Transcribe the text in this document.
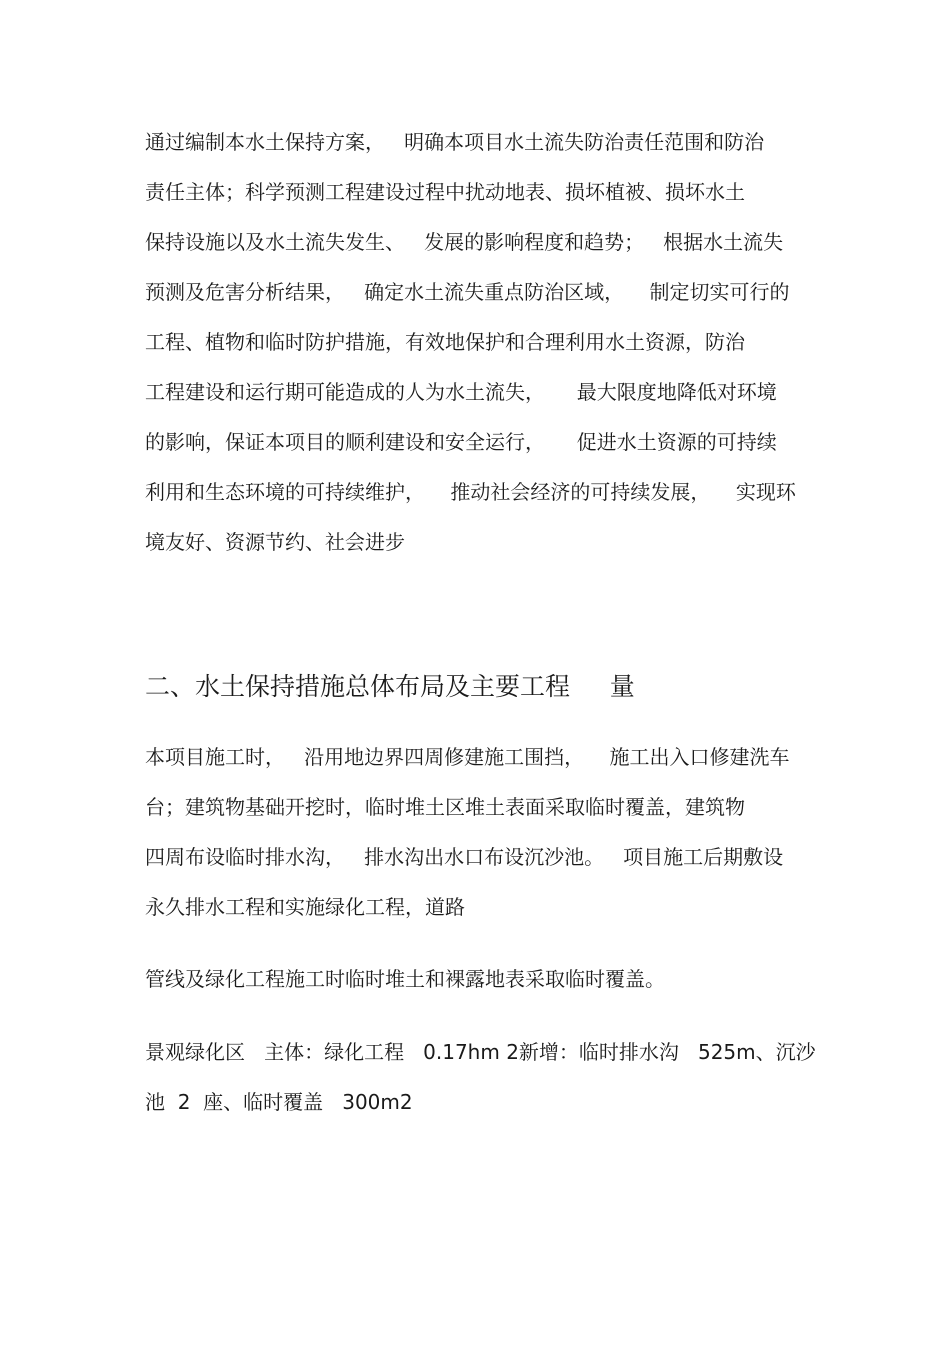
通过编制本水土保持方案，   明确本项目水土流失防治责任范围和防治

责任主体；科学预测工程建设过程中扰动地表、损坏植被、损坏水土

保持设施以及水土流失发生、   发展的影响程度和趋势；   根据水土流失

预测及危害分析结果，   确定水土流失重点防治区域，    制定切实可行的

工程、植物和临时防护措施，有效地保护和合理利用水土资源，防治

工程建设和运行期可能造成的人为水土流失，     最大限度地降低对环境

的影响，保证本项目的顺利建设和安全运行，     促进水土资源的可持续

利用和生态环境的可持续维护，    推动社会经济的可持续发展，    实现环

境友好、资源节约、社会进步

二、水土保持措施总体布局及主要工程     量

本项目施工时，   沿用地边界四周修建施工围挡，    施工出入口修建洗车

台；建筑物基础开挖时，临时堆土区堆土表面采取临时覆盖，建筑物

四周布设临时排水沟，   排水沟出水口布设沉沙池。   项目施工后期敷设

永久排水工程和实施绿化工程，道路

管线及绿化工程施工时临时堆土和裸露地表采取临时覆盖。

景观绿化区   主体：绿化工程   0.17hm 2新增：临时排水沟   525m、沉沙

池  2  座、临时覆盖   300m2
